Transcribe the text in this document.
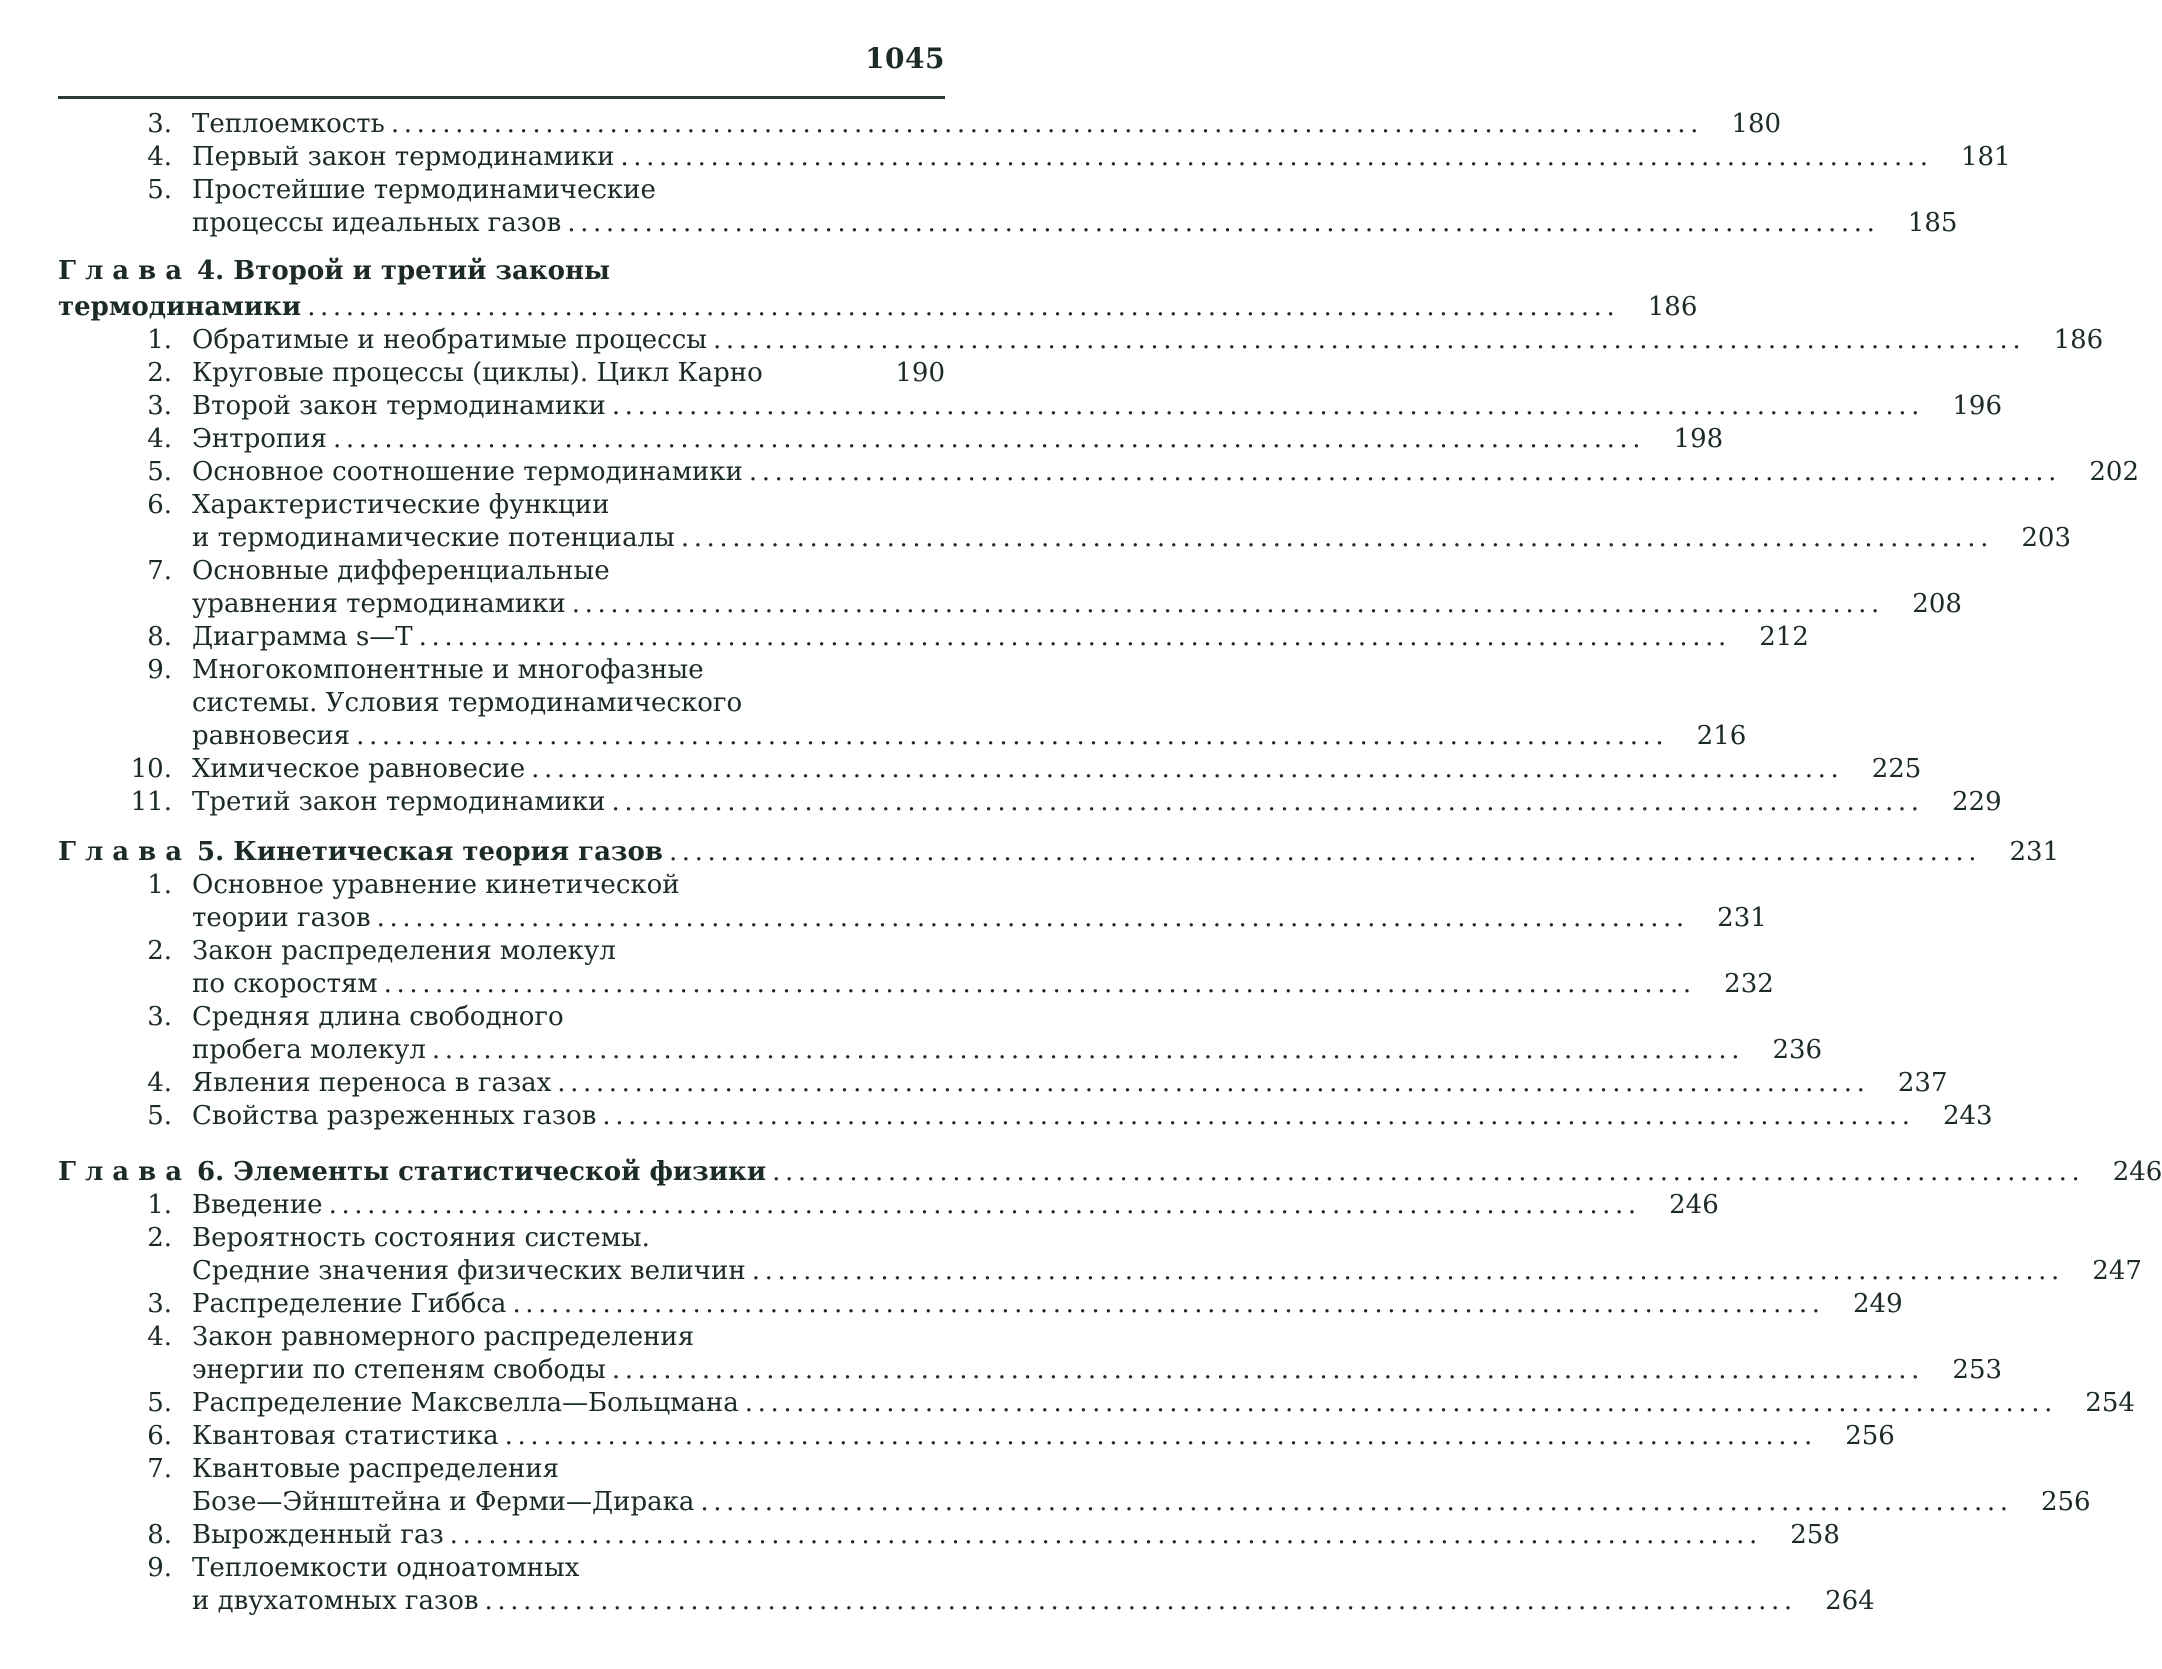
1045
3. Теплоемкость ......................................................................................................	180
4. Первый закон термодинамики ......................................................................................................	181
5. Простейшие термодинамические
процессы идеальных газов ......................................................................................................	185
Глава 4. Второй и третий законы
термодинамики ......................................................................................................	186
1. Обратимые и необратимые процессы ......................................................................................................	186
2. Круговые процессы (циклы). Цикл Карно	190
3. Второй закон термодинамики ......................................................................................................	196
4. Энтропия ......................................................................................................	198
5. Основное соотношение термодинамики ......................................................................................................	202
6. Характеристические функции
и термодинамические потенциалы ......................................................................................................	203
7. Основные дифференциальные
уравнения термодинамики ......................................................................................................	208
8. Диаграмма s—T ......................................................................................................	212
9. Многокомпонентные и многофазные
системы. Условия термодинамического
равновесия ......................................................................................................	216
10. Химическое равновесие ......................................................................................................	225
11. Третий закон термодинамики ......................................................................................................	229
Глава 5. Кинетическая теория газов ......................................................................................................	231
1. Основное уравнение кинетической
теории газов ......................................................................................................	231
2. Закон распределения молекул
по скоростям ......................................................................................................	232
3. Средняя длина свободного
пробега молекул ......................................................................................................	236
4. Явления переноса в газах ......................................................................................................	237
5. Свойства разреженных газов ......................................................................................................	243
Глава 6. Элементы статистической физики ......................................................................................................	246
1. Введение ......................................................................................................	246
2. Вероятность состояния системы.
Средние значения физических величин ......................................................................................................	247
3. Распределение Гиббса ......................................................................................................	249
4. Закон равномерного распределения
энергии по степеням свободы ......................................................................................................	253
5. Распределение Максвелла—Больцмана ......................................................................................................	254
6. Квантовая статистика ......................................................................................................	256
7. Квантовые распределения
Бозе—Эйнштейна и Ферми—Дирака ......................................................................................................	256
8. Вырожденный газ ......................................................................................................	258
9. Теплоемкости одноатомных
и двухатомных газов ......................................................................................................	264
